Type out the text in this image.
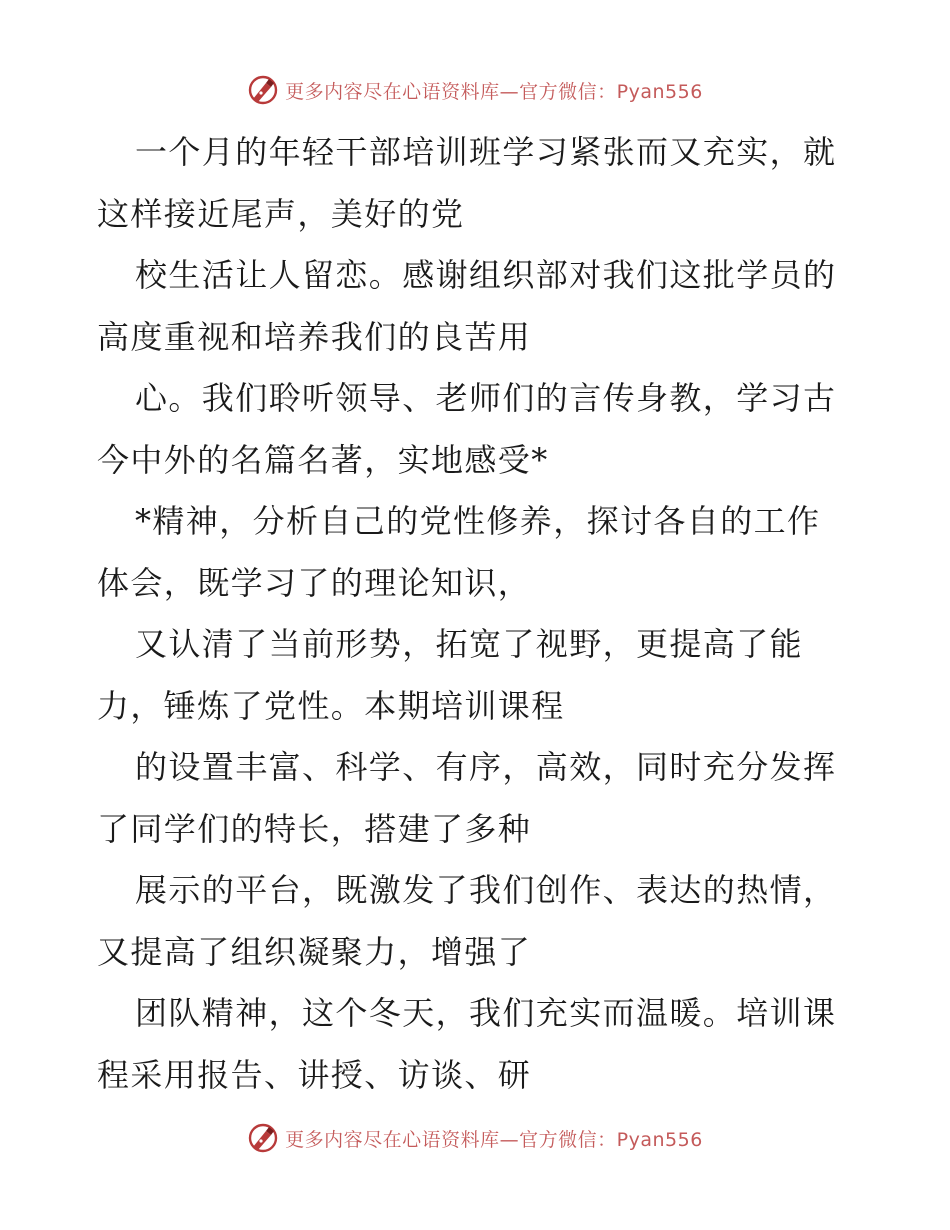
更多内容尽在心语资料库—官方微信：Pyan556
一个月的年轻干部培训班学习紧张而又充实，就
这样接近尾声，美好的党
校生活让人留恋。感谢组织部对我们这批学员的
高度重视和培养我们的良苦用
心。我们聆听领导、老师们的言传身教，学习古
今中外的名篇名著，实地感受*
*精神，分析自己的党性修养，探讨各自的工作
体会，既学习了的理论知识，
又认清了当前形势，拓宽了视野，更提高了能
力，锤炼了党性。本期培训课程
的设置丰富、科学、有序，高效，同时充分发挥
了同学们的特长，搭建了多种
展示的平台，既激发了我们创作、表达的热情，
又提高了组织凝聚力，增强了
团队精神，这个冬天，我们充实而温暖。培训课
程采用报告、讲授、访谈、研
更多内容尽在心语资料库—官方微信：Pyan556
